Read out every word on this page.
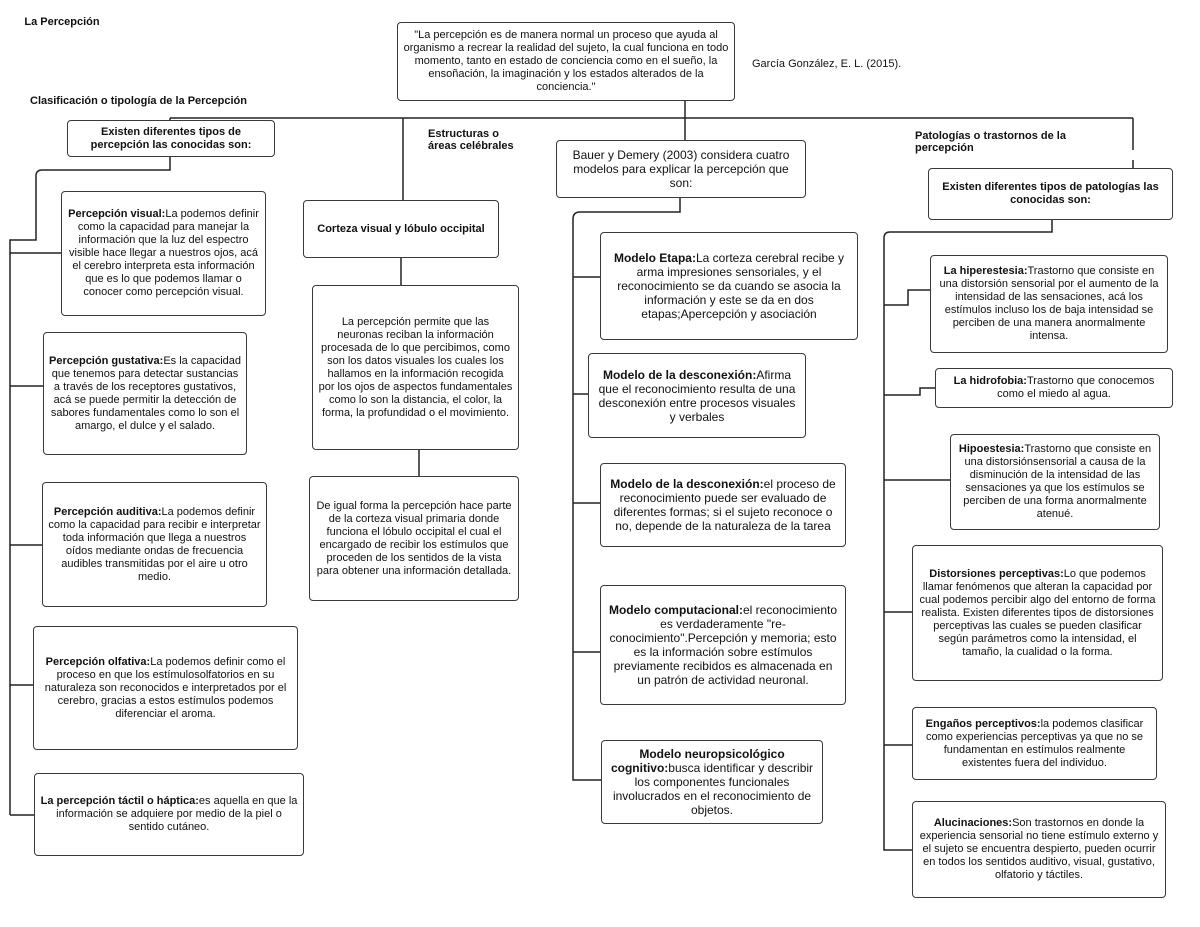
La Percepción
"La percepción es de manera normal un proceso que ayuda al organismo a recrear la realidad del sujeto, la cual funciona en todo momento, tanto en estado de conciencia como en el sueño, la ensoñación, la imaginación y los estados alterados de la conciencia."
García González, E. L. (2015).
Clasificación o tipología de la Percepción
Existen diferentes tipos de percepción las conocidas son:
Percepción visual:La podemos definir como la capacidad para manejar la información que la luz del espectro visible hace llegar a nuestros ojos, acá el cerebro interpreta esta información que es lo que podemos llamar o conocer como percepción visual.
Percepción gustativa:Es la capacidad que tenemos para detectar sustancias a través de los receptores gustativos, acá se puede permitir la detección de sabores fundamentales como lo son el amargo, el dulce y el salado.
Percepción auditiva:La podemos definir como la capacidad para recibir e interpretar toda información que llega a nuestros oídos mediante ondas de frecuencia audibles transmitidas por el aire u otro medio.
Percepción olfativa:La podemos definir como el proceso en que los estímulosolfatorios en su naturaleza son reconocidos e interpretados por el cerebro, gracias a estos estímulos podemos diferenciar el aroma.
La percepción táctil o háptica:es aquella en que la información se adquiere por medio de la piel o sentido cutáneo.
Estructuras o áreas celébrales
Corteza visual y lóbulo occipital
La percepción permite que las neuronas reciban la información procesada de lo que percibimos, como son los datos visuales los cuales los hallamos en la información recogida por los ojos de aspectos fundamentales como lo son la distancia, el color, la forma, la profundidad o el movimiento.
De igual forma la percepción hace parte de la corteza visual primaria donde funciona el lóbulo occipital el cual el encargado de recibir los estímulos que proceden de los sentidos de la vista para obtener una información detallada.
Bauer y Demery (2003) considera cuatro modelos para explicar la percepción que son:
Modelo Etapa:La corteza cerebral recibe y arma impresiones sensoriales, y el reconocimiento se da cuando se asocia la información y este se da en dos etapas;Apercepción y asociación
Modelo de la desconexión:Afirma que el reconocimiento resulta de una desconexión entre procesos visuales y verbales
Modelo de la desconexión:el proceso de reconocimiento puede ser evaluado de diferentes formas; si el sujeto reconoce o no, depende de la naturaleza de la tarea
Modelo computacional:el reconocimiento es verdaderamente "re-conocimiento".Percepción y memoria; esto es la información sobre estímulos previamente recibidos es almacenada en un patrón de actividad neuronal.
Modelo neuropsicológico cognitivo:busca identificar y describir los componentes funcionales involucrados en el reconocimiento de objetos.
Patologías o trastornos de la percepción
Existen diferentes tipos de patologías las conocidas son:
La hiperestesia:Trastorno que consiste en una distorsión sensorial por el aumento de la intensidad de las sensaciones, acá los estímulos incluso los de baja intensidad se perciben de una manera anormalmente intensa.
La hidrofobia:Trastorno que conocemos como el miedo al agua.
Hipoestesia:Trastorno que consiste en una distorsiónsensorial a causa de la disminución de la intensidad de las sensaciones ya que los estímulos se perciben de una forma anormalmente atenué.
Distorsiones perceptivas:Lo que podemos llamar fenómenos que alteran la capacidad por cual podemos percibir algo del entorno de forma realista. Existen diferentes tipos de distorsiones perceptivas las cuales se pueden clasificar según parámetros como la intensidad, el tamaño, la cualidad o la forma.
Engaños perceptivos:la podemos clasificar como experiencias perceptivas ya que no se fundamentan en estímulos realmente existentes fuera del individuo.
Alucinaciones:Son trastornos en donde la experiencia sensorial no tiene estímulo externo y el sujeto se encuentra despierto, pueden ocurrir en todos los sentidos auditivo, visual, gustativo, olfatorio y táctiles.
